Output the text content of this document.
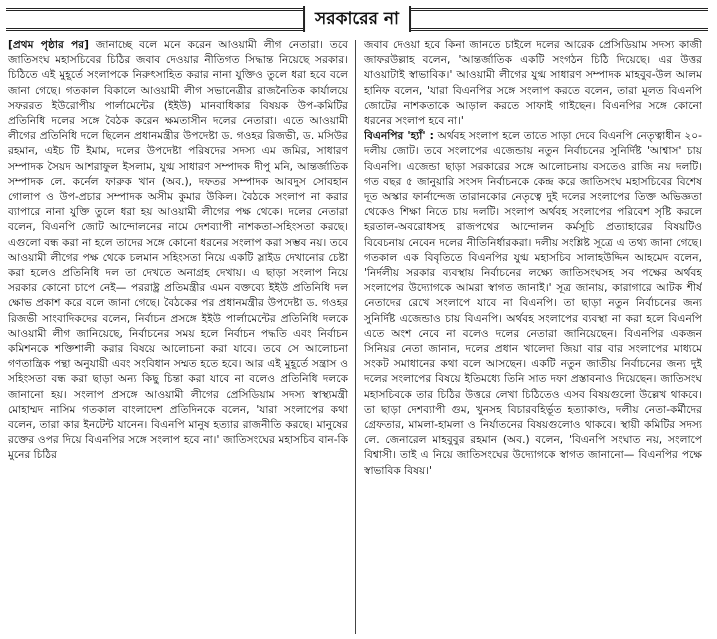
সরকারের না

[প্রথম পৃষ্ঠার পর] জানাচ্ছে বলে মনে করেন আওয়ামী লীগ নেতারা। তবে জাতিসংঘ মহাসচিবের চিঠির জবাব দেওয়ার নীতিগত সিদ্ধান্ত নিয়েছে সরকার। চিঠিতে এই মুহূর্তে সংলাপকে নিরুৎসাহিত করার নানা যুক্তিও তুলে ধরা হবে বলে জানা গেছে। গতকাল বিকালে আওয়ামী লীগ সভানেত্রীর রাজনৈতিক কার্যালয়ে সফররত ইউরোপীয় পার্লামেন্টের (ইইউ) মানবাধিকার বিষয়ক উপ-কমিটির প্রতিনিধি দলের সঙ্গে বৈঠক করেন ক্ষমতাসীন দলের নেতারা। এতে আওয়ামী লীগের প্রতিনিধি দলে ছিলেন প্রধানমন্ত্রীর উপদেষ্টা ড. গওহর রিজভী, ড. মসিউর রহমান, এইচ টি ইমাম, দলের উপদেষ্টা পরিষদের সদস্য এম জমির, সাধারণ সম্পাদক সৈয়দ আশরাফুল ইসলাম, যুগ্ম সাধারণ সম্পাদক দীপু মনি, আন্তর্জাতিক সম্পাদক লে. কর্নেল ফারুক খান (অব.), দফতর সম্পাদক আবদুস সোবহান গোলাপ ও উপ-প্রচার সম্পাদক অসীম কুমার উকিল। বৈঠকে সংলাপ না করার ব্যাপারে নানা যুক্তি তুলে ধরা হয় আওয়ামী লীগের পক্ষ থেকে। দলের নেতারা বলেন, বিএনপি জোট আন্দোলনের নামে দেশব্যাপী নাশকতা-সহিংসতা করছে। এগুলো বন্ধ করা না হলে তাদের সঙ্গে কোনো ধরনের সংলাপ করা সম্ভব নয়। তবে আওয়ামী লীগের পক্ষ থেকে চলমান সহিংসতা নিয়ে একটি স্লাইড দেখানোর চেষ্টা করা হলেও প্রতিনিধি দল তা দেখতে অনাগ্রহ দেখায়। এ ছাড়া সংলাপ নিয়ে সরকার কোনো চাপে নেই— পররাষ্ট্র প্রতিমন্ত্রীর এমন বক্তব্যে ইইউ প্রতিনিধি দল ক্ষোভ প্রকাশ করে বলে জানা গেছে। বৈঠকের পর প্রধানমন্ত্রীর উপদেষ্টা ড. গওহর রিজভী সাংবাদিকদের বলেন, নির্বাচন প্রসঙ্গে ইইউ পার্লামেন্টের প্রতিনিধি দলকে আওয়ামী লীগ জানিয়েছে, নির্বাচনের সময় হলে নির্বাচন পদ্ধতি এবং নির্বাচন কমিশনকে শক্তিশালী করার বিষয়ে আলোচনা করা যাবে। তবে সে আলোচনা গণতান্ত্রিক পন্থা অনুযায়ী এবং সংবিধান সম্মত হতে হবে। আর এই মুহূর্তে সন্ত্রাস ও সহিংসতা বন্ধ করা ছাড়া অন্য কিছু চিন্তা করা যাবে না বলেও প্রতিনিধি দলকে জানানো হয়। সংলাপ প্রসঙ্গে আওয়ামী লীগের প্রেসিডিয়াম সদস্য স্বাস্থ্যমন্ত্রী মোহাম্মদ নাসিম গতকাল বাংলাদেশ প্রতিদিনকে বলেন, 'যারা সংলাপের কথা বলেন, তারা কার ইনটেন্ট যানেন। বিএনপি মানুষ হত্যার রাজনীতি করছে। মানুষের রক্তের ওপর দিয়ে বিএনপির সঙ্গে সংলাপ হবে না।' জাতিসংঘের মহাসচিব বান-কি মুনের চিঠির

জবাব দেওয়া হবে কিনা জানতে চাইলে দলের আরেক প্রেসিডিয়াম সদস্য কাজী জাফরউল্লাহ বলেন, 'আন্তর্জাতিক একটি সংগঠন চিঠি দিয়েছে। এর উত্তর যাওয়াটাই স্বাভাবিক।' আওয়ামী লীগের যুগ্ম সাধারণ সম্পাদক মাহবুব-উল আলম হানিফ বলেন, 'যারা বিএনপির সঙ্গে সংলাপ করতে বলেন, তারা মূলত বিএনপি জোটের নাশকতাকে আড়াল করতে সাফাই গাইছেন। বিএনপির সঙ্গে কোনো ধরনের সংলাপ হবে না।'

বিএনপির 'হ্যাঁ' : অর্থবহ সংলাপ হলে তাতে সাড়া দেবে বিএনপি নেতৃত্বাধীন ২০-দলীয় জোট। তবে সংলাপের এজেন্ডায় নতুন নির্বাচনের সুনির্দিষ্ট 'আশ্বাস' চায় বিএনপি। এজেন্ডা ছাড়া সরকারের সঙ্গে আলোচনায় বসতেও রাজি নয় দলটি। গত বছর ৫ জানুয়ারি সংসদ নির্বাচনকে কেন্দ্র করে জাতিসংঘ মহাসচিবের বিশেষ দূত অস্কার ফার্নান্দেজ তারানকোর নেতৃত্বে দুই দলের সংলাপের তিক্ত অভিজ্ঞতা থেকেও শিক্ষা নিতে চায় দলটি। সংলাপ অর্থবহ সংলাপের পরিবেশ সৃষ্টি করলে হরতাল-অবরোধসহ রাজপথের আন্দোলন কর্মসূচি প্রত্যাহারের বিষয়টিও বিবেচনায় নেবেন দলের নীতিনির্ধারকরা। দলীয় সংশ্লিষ্ট সূত্রে এ তথ্য জানা গেছে। গতকাল এক বিবৃতিতে বিএনপির যুগ্ম মহাসচিব সালাহউদ্দিন আহমেদ বলেন, 'নির্দলীয় সরকার ব্যবস্থায় নির্বাচনের লক্ষ্যে জাতিসংঘসহ সব পক্ষের অর্থবহ সংলাপের উদ্যোগকে আমরা স্বাগত জানাই।' সূত্র জানায়, কারাগারে আটক শীর্ষ নেতাদের রেখে সংলাপে যাবে না বিএনপি। তা ছাড়া নতুন নির্বাচনের জন্য সুনির্দিষ্ট এজেন্ডাও চায় বিএনপি। অর্থবহ সংলাপের ব্যবস্থা না করা হলে বিএনপি এতে অংশ নেবে না বলেও দলের নেতারা জানিয়েছেন। বিএনপির একজন সিনিয়র নেতা জানান, দলের প্রধান খালেদা জিয়া বার বার সংলাপের মাধ্যমে সংকট সমাধানের কথা বলে আসছেন। একটি নতুন জাতীয় নির্বাচনের জন্য দুই দলের সংলাপের বিষয়ে ইতিমধ্যে তিনি সাত দফা প্রস্তাবনাও দিয়েছেন। জাতিসংঘ মহাসচিবকে তার চিঠির উত্তরে লেখা চিঠিতেও এসব বিষয়গুলো উল্লেখ থাকবে। তা ছাড়া দেশব্যাপী গুম, খুনসহ বিচারবহির্ভূত হত্যাকাণ্ড, দলীয় নেতা-কর্মীদের গ্রেফতার, মামলা-হামলা ও নির্যাতনের বিষয়গুলোও থাকবে। স্থায়ী কমিটির সদস্য লে. জেনারেল মাহবুবুর রহমান (অব.) বলেন, 'বিএনপি সংঘাত নয়, সংলাপে বিশ্বাসী। তাই এ নিয়ে জাতিসংঘের উদ্যোগকে স্বাগত জানানো— বিএনপির পক্ষে স্বাভাবিক বিষয়।'
